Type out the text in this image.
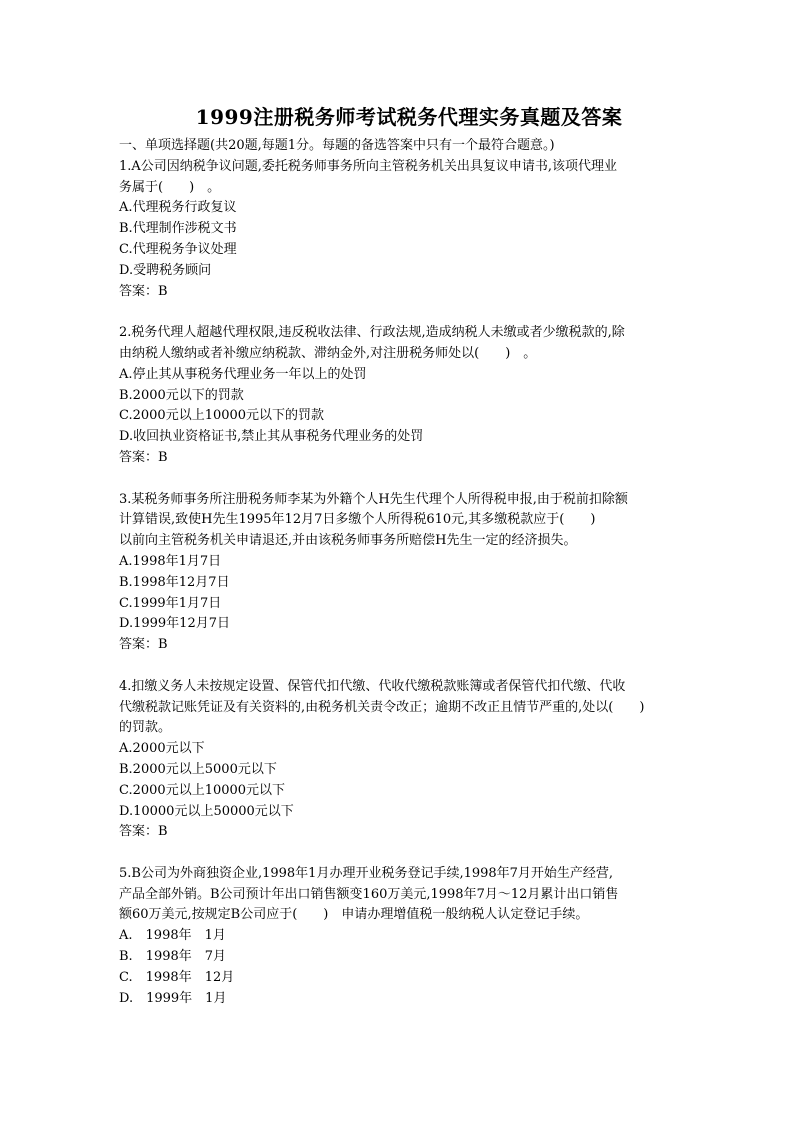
1999注册税务师考试税务代理实务真题及答案

一、单项选择题(共20题,每题1分。每题的备选答案中只有一个最符合题意。)

1.A公司因纳税争议问题,委托税务师事务所向主管税务机关出具复议申请书,该项代理业

务属于(　　)　。

A.代理税务行政复议

B.代理制作涉税文书

C.代理税务争议处理

D.受聘税务顾问

答案：B

2.税务代理人超越代理权限,违反税收法律、行政法规,造成纳税人未缴或者少缴税款的,除

由纳税人缴纳或者补缴应纳税款、滞纳金外,对注册税务师处以(　　)　。

A.停止其从事税务代理业务一年以上的处罚

B.2000元以下的罚款

C.2000元以上10000元以下的罚款

D.收回执业资格证书,禁止其从事税务代理业务的处罚

答案：B

3.某税务师事务所注册税务师李某为外籍个人H先生代理个人所得税申报,由于税前扣除额

计算错误,致使H先生1995年12月7日多缴个人所得税610元,其多缴税款应于(　　)

以前向主管税务机关申请退还,并由该税务师事务所赔偿H先生一定的经济损失。

A.1998年1月7日

B.1998年12月7日

C.1999年1月7日

D.1999年12月7日

答案：B

4.扣缴义务人未按规定设置、保管代扣代缴、代收代缴税款账簿或者保管代扣代缴、代收

代缴税款记账凭证及有关资料的,由税务机关责令改正；逾期不改正且情节严重的,处以(　　)

的罚款。

A.2000元以下

B.2000元以上5000元以下

C.2000元以上10000元以下

D.10000元以上50000元以下

答案：B

5.B公司为外商独资企业,1998年1月办理开业税务登记手续,1998年7月开始生产经营,

产品全部外销。B公司预计年出口销售额变160万美元,1998年7月～12月累计出口销售

额60万美元,按规定B公司应于(　　)　申请办理增值税一般纳税人认定登记手续。

A.　1998年　1月

B.　1998年　7月

C.　1998年　12月

D.　1999年　1月
